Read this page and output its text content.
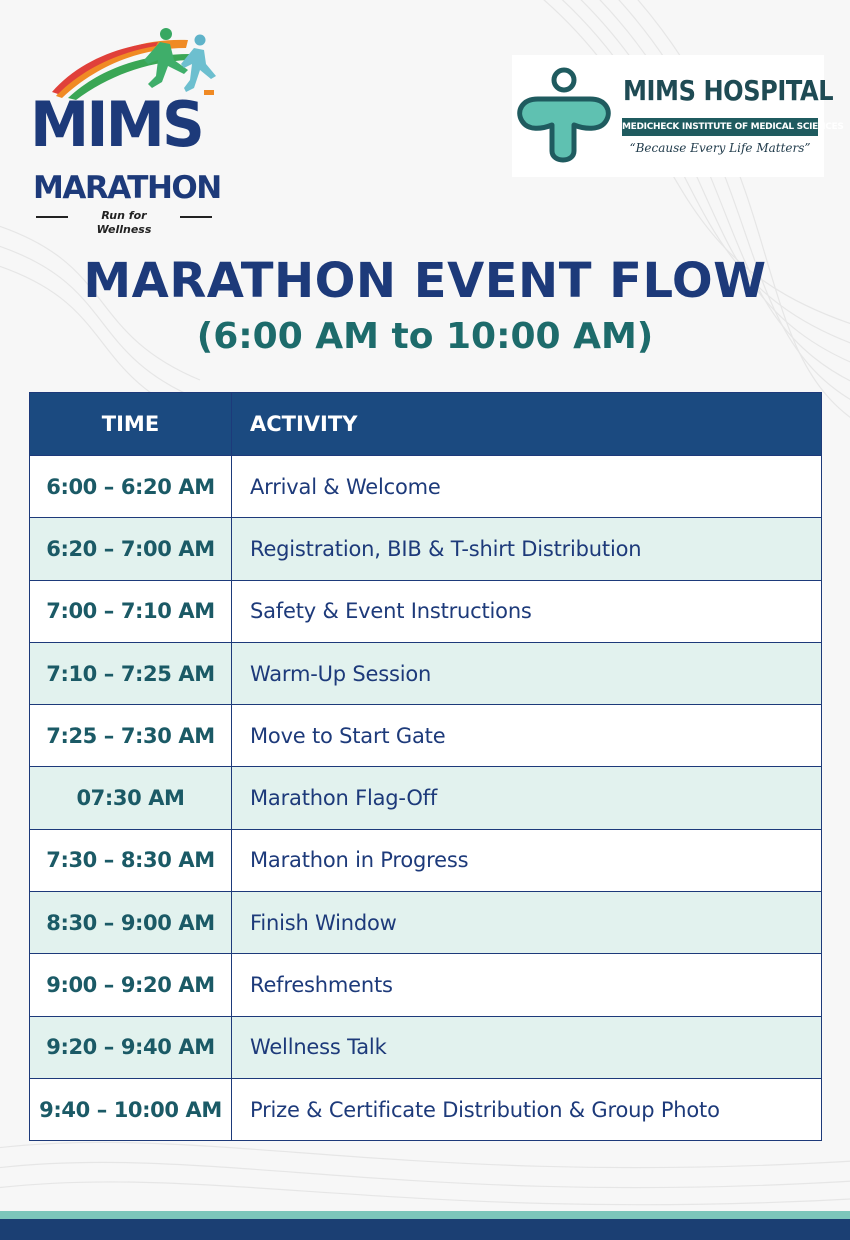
MIMS
MARATHON
Run for Wellness
MIMS HOSPITAL
MEDICHECK INSTITUTE OF MEDICAL SCIENCES
“Because Every Life Matters”
MARATHON EVENT FLOW
(6:00 AM to 10:00 AM)
TIME	ACTIVITY
6:00 – 6:20 AM	Arrival & Welcome
6:20 – 7:00 AM	Registration, BIB & T-shirt Distribution
7:00 – 7:10 AM	Safety & Event Instructions
7:10 – 7:25 AM	Warm-Up Session
7:25 – 7:30 AM	Move to Start Gate
07:30 AM	Marathon Flag-Off
7:30 – 8:30 AM	Marathon in Progress
8:30 – 9:00 AM	Finish Window
9:00 – 9:20 AM	Refreshments
9:20 – 9:40 AM	Wellness Talk
9:40 – 10:00 AM	Prize & Certificate Distribution & Group Photo
